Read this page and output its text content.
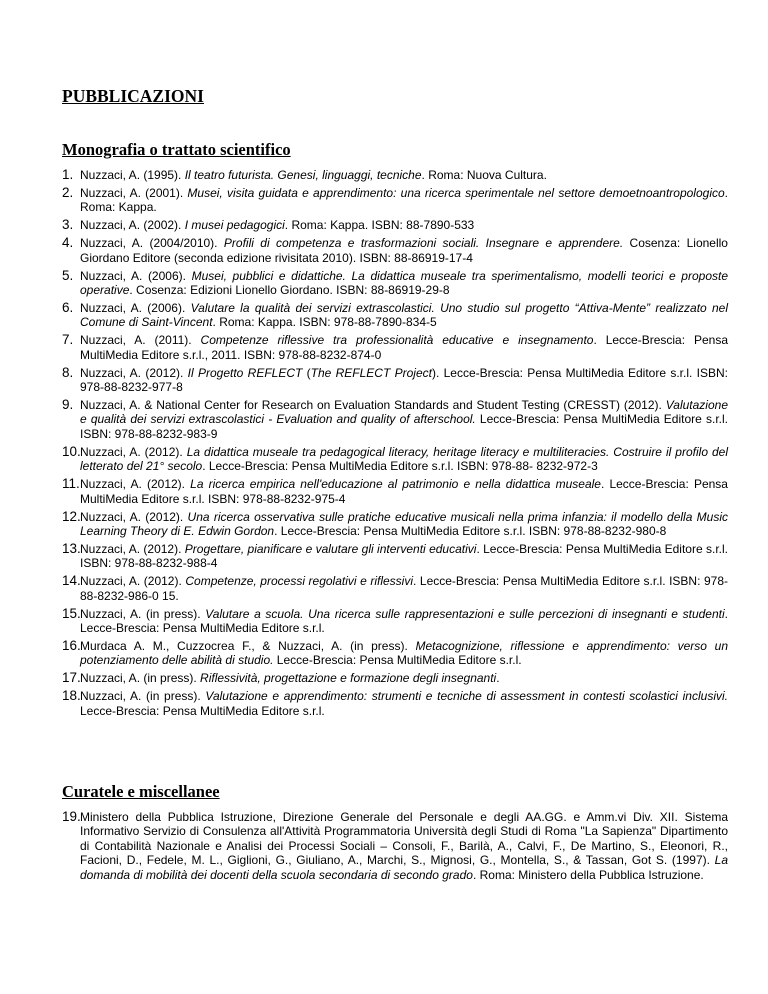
PUBBLICAZIONI
Monografia o trattato scientifico
1. Nuzzaci, A. (1995). Il teatro futurista. Genesi, linguaggi, tecniche. Roma: Nuova Cultura.
2. Nuzzaci, A. (2001). Musei, visita guidata e apprendimento: una ricerca sperimentale nel settore demoetnoantropologico. Roma: Kappa.
3. Nuzzaci, A. (2002). I musei pedagogici. Roma: Kappa. ISBN: 88-7890-533
4. Nuzzaci, A. (2004/2010). Profili di competenza e trasformazioni sociali. Insegnare e apprendere. Cosenza: Lionello Giordano Editore (seconda edizione rivisitata 2010). ISBN: 88-86919-17-4
5. Nuzzaci, A. (2006). Musei, pubblici e didattiche. La didattica museale tra sperimentalismo, modelli teorici e proposte operative. Cosenza: Edizioni Lionello Giordano. ISBN: 88-86919-29-8
6. Nuzzaci, A. (2006). Valutare la qualità dei servizi extrascolastici. Uno studio sul progetto “Attiva-Mente” realizzato nel Comune di Saint-Vincent. Roma: Kappa. ISBN: 978-88-7890-834-5
7. Nuzzaci, A. (2011). Competenze riflessive tra professionalità educative e insegnamento. Lecce-Brescia: Pensa MultiMedia Editore s.r.l., 2011. ISBN: 978-88-8232-874-0
8. Nuzzaci, A. (2012). Il Progetto REFLECT (The REFLECT Project). Lecce-Brescia: Pensa MultiMedia Editore s.r.l. ISBN: 978-88-8232-977-8
9. Nuzzaci, A. & National Center for Research on Evaluation Standards and Student Testing (CRESST) (2012). Valutazione e qualità dei servizi extrascolastici - Evaluation and quality of afterschool. Lecce-Brescia: Pensa MultiMedia Editore s.r.l. ISBN: 978-88-8232-983-9
10. Nuzzaci, A. (2012). La didattica museale tra pedagogical literacy, heritage literacy e multiliteracies. Costruire il profilo del letterato del 21° secolo. Lecce-Brescia: Pensa MultiMedia Editore s.r.l. ISBN: 978-88- 8232-972-3
11. Nuzzaci, A. (2012). La ricerca empirica nell'educazione al patrimonio e nella didattica museale. Lecce-Brescia: Pensa MultiMedia Editore s.r.l. ISBN: 978-88-8232-975-4
12. Nuzzaci, A. (2012). Una ricerca osservativa sulle pratiche educative musicali nella prima infanzia: il modello della Music Learning Theory di E. Edwin Gordon. Lecce-Brescia: Pensa MultiMedia Editore s.r.l. ISBN: 978-88-8232-980-8
13. Nuzzaci, A. (2012). Progettare, pianificare e valutare gli interventi educativi. Lecce-Brescia: Pensa MultiMedia Editore s.r.l. ISBN: 978-88-8232-988-4
14. Nuzzaci, A. (2012). Competenze, processi regolativi e riflessivi. Lecce-Brescia: Pensa MultiMedia Editore s.r.l. ISBN: 978-88-8232-986-0 15.
15. Nuzzaci, A. (in press). Valutare a scuola. Una ricerca sulle rappresentazioni e sulle percezioni di insegnanti e studenti. Lecce-Brescia: Pensa MultiMedia Editore s.r.l.
16. Murdaca A. M., Cuzzocrea F., & Nuzzaci, A. (in press). Metacognizione, riflessione e apprendimento: verso un potenziamento delle abilità di studio. Lecce-Brescia: Pensa MultiMedia Editore s.r.l.
17. Nuzzaci, A. (in press). Riflessività, progettazione e formazione degli insegnanti.
18. Nuzzaci, A. (in press). Valutazione e apprendimento: strumenti e tecniche di assessment in contesti scolastici inclusivi. Lecce-Brescia: Pensa MultiMedia Editore s.r.l.
Curatele e miscellanee
19. Ministero della Pubblica Istruzione, Direzione Generale del Personale e degli AA.GG. e Amm.vi Div. XII. Sistema Informativo Servizio di Consulenza all'Attività Programmatoria Università degli Studi di Roma "La Sapienza" Dipartimento di Contabilità Nazionale e Analisi dei Processi Sociali – Consoli, F., Barilà, A., Calvi, F., De Martino, S., Eleonori, R., Facioni, D., Fedele, M. L., Giglioni, G., Giuliano, A., Marchi, S., Mignosi, G., Montella, S., & Tassan, Got S. (1997). La domanda di mobilità dei docenti della scuola secondaria di secondo grado. Roma: Ministero della Pubblica Istruzione.
